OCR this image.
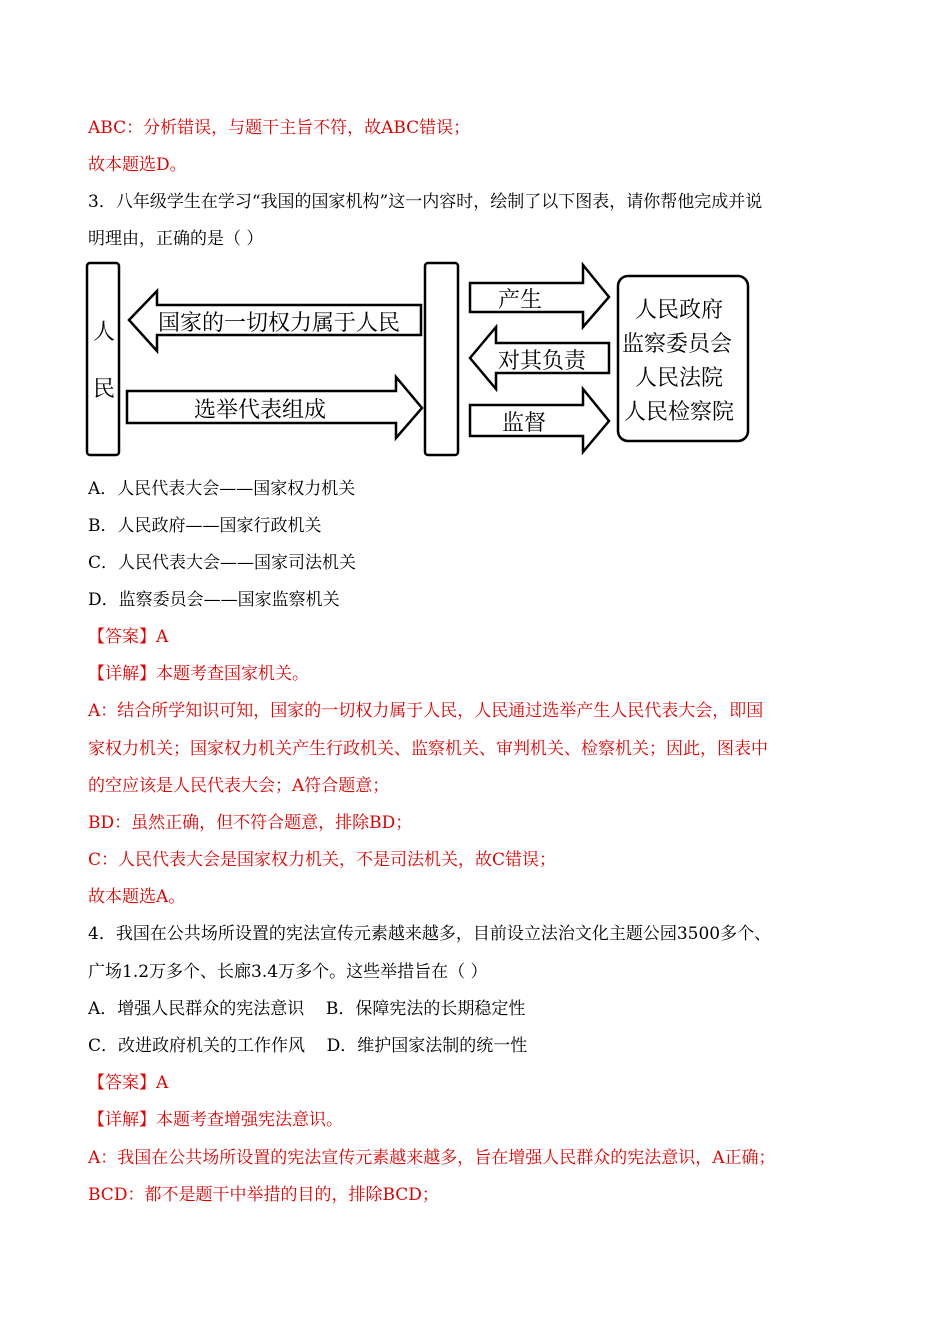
ABC：分析错误，与题干主旨不符，故ABC错误；
故本题选D。
3．八年级学生在学习“我国的国家机构”这一内容时，绘制了以下图表，请你帮他完成并说
明理由，正确的是（ ）
人
民
国家的一切权力属于人民
选举代表组成
产生
对其负责
监督
人民政府
监察委员会
人民法院
人民检察院
A．人民代表大会——国家权力机关
B．人民政府——国家行政机关
C．人民代表大会——国家司法机关
D．监察委员会——国家监察机关
【答案】A
【详解】本题考查国家机关。
A：结合所学知识可知，国家的一切权力属于人民，人民通过选举产生人民代表大会，即国
家权力机关；国家权力机关产生行政机关、监察机关、审判机关、检察机关；因此，图表中
的空应该是人民代表大会；A符合题意；
BD：虽然正确，但不符合题意，排除BD；
C：人民代表大会是国家权力机关，不是司法机关，故C错误；
故本题选A。
4．我国在公共场所设置的宪法宣传元素越来越多，目前设立法治文化主题公园3500多个、
广场1.2万多个、长廊3.4万多个。这些举措旨在（ ）
A．增强人民群众的宪法意识    B．保障宪法的长期稳定性
C．改进政府机关的工作作风    D．维护国家法制的统一性
【答案】A
【详解】本题考查增强宪法意识。
A：我国在公共场所设置的宪法宣传元素越来越多，旨在增强人民群众的宪法意识，A正确；
BCD：都不是题干中举措的目的，排除BCD；
